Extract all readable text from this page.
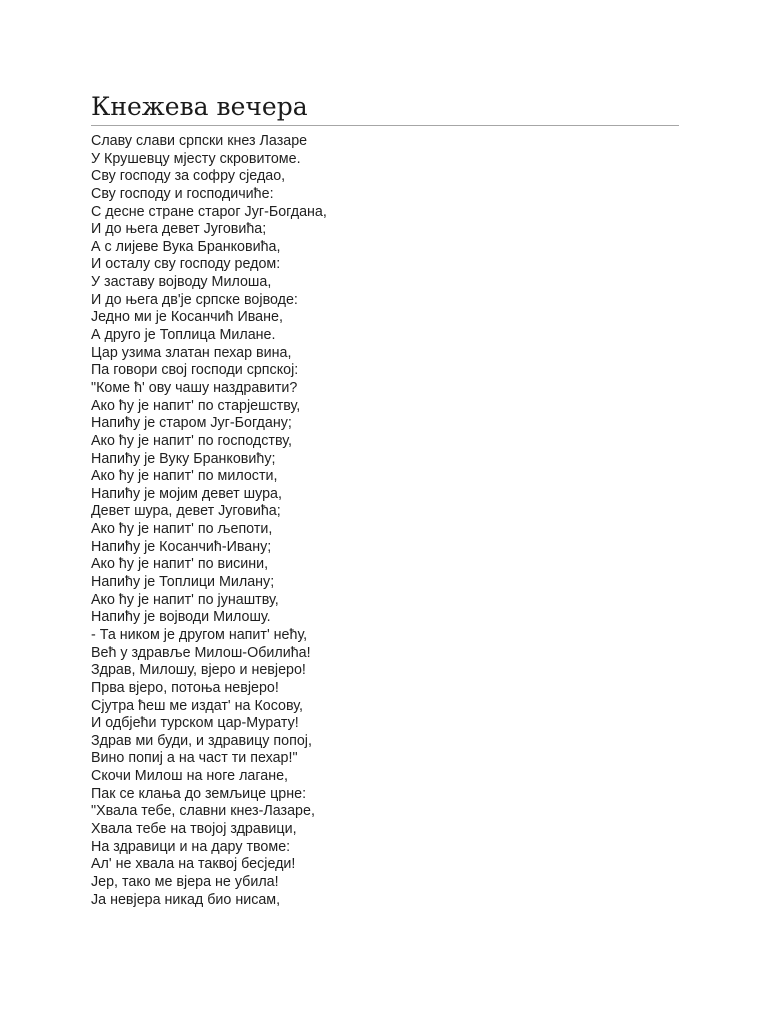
Кнежева вечера
Славу слави српски кнез Лазаре
У Крушевцу мјесту скровитоме.
Сву господу за софру сједао,
Сву господу и господичиће:
С десне стране старог Југ-Богдана,
И до њега девет Југовића;
А с лијеве Вука Бранковића,
И осталу сву господу редом:
У заставу војводу Милоша,
И до њега дв'је српске војводе:
Једно ми је Косанчић Иване,
А друго је Топлица Милане.
Цар узима златан пехар вина,
Па говори свој господи српској:
"Коме ћ' ову чашу наздравити?
Ако ћу је напит' по старјешству,
Напићу је старом Југ-Богдану;
Ако ћу је напит' по господству,
Напићу је Вуку Бранковићу;
Ако ћу је напит' по милости,
Напићу је мојим девет шура,
Девет шура, девет Југовића;
Ако ћу је напит' по љепоти,
Напићу је Косанчић-Ивану;
Ако ћу је напит' по висини,
Напићу је Топлици Милану;
Ако ћу је напит' по јунаштву,
Напићу је војводи Милошу.
- Та ником је другом напит' нећу,
Већ у здравље Милош-Обилића!
Здрав, Милошу, вјеро и невјеро!
Прва вјеро, потоња невјеро!
Сјутра ћеш ме издат' на Косову,
И одбјећи турском цар-Мурату!
Здрав ми буди, и здравицу попој,
Вино попиј а на част ти пехар!"
Скочи Милош на ноге лагане,
Пак се клања до земљице црне:
"Хвала тебе, славни кнез-Лазаре,
Хвала тебе на твојој здравици,
На здравици и на дару твоме:
Ал' не хвала на таквој бесједи!
Јер, тако ме вјера не убила!
Ја невјера никад био нисам,
